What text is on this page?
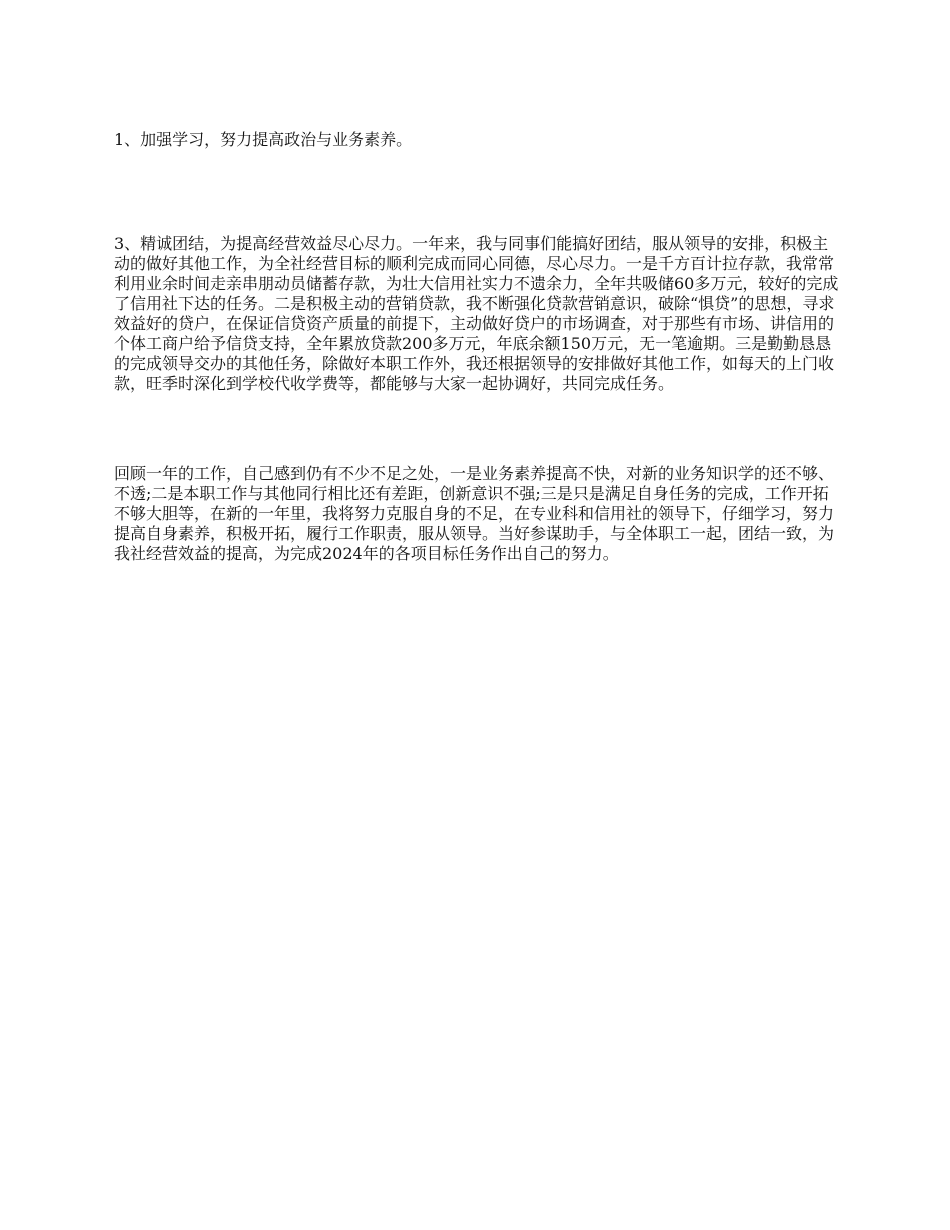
1、加强学习，努力提高政治与业务素养。

3、精诚团结，为提高经营效益尽心尽力。一年来，我与同事们能搞好团结，服从领导的安排，积极主动的做好其他工作，为全社经营目标的顺利完成而同心同德，尽心尽力。一是千方百计拉存款，我常常利用业余时间走亲串朋动员储蓄存款，为壮大信用社实力不遗余力，全年共吸储60多万元，较好的完成了信用社下达的任务。二是积极主动的营销贷款，我不断强化贷款营销意识，破除“惧贷”的思想，寻求效益好的贷户，在保证信贷资产质量的前提下，主动做好贷户的市场调查，对于那些有市场、讲信用的个体工商户给予信贷支持，全年累放贷款200多万元，年底余额150万元，无一笔逾期。三是勤勤恳恳的完成领导交办的其他任务，除做好本职工作外，我还根据领导的安排做好其他工作，如每天的上门收款，旺季时深化到学校代收学费等，都能够与大家一起协调好，共同完成任务。

回顾一年的工作，自己感到仍有不少不足之处，一是业务素养提高不快，对新的业务知识学的还不够、不透;二是本职工作与其他同行相比还有差距，创新意识不强;三是只是满足自身任务的完成，工作开拓不够大胆等，在新的一年里，我将努力克服自身的不足，在专业科和信用社的领导下，仔细学习，努力提高自身素养，积极开拓，履行工作职责，服从领导。当好参谋助手，与全体职工一起，团结一致，为我社经营效益的提高，为完成2024年的各项目标任务作出自己的努力。
